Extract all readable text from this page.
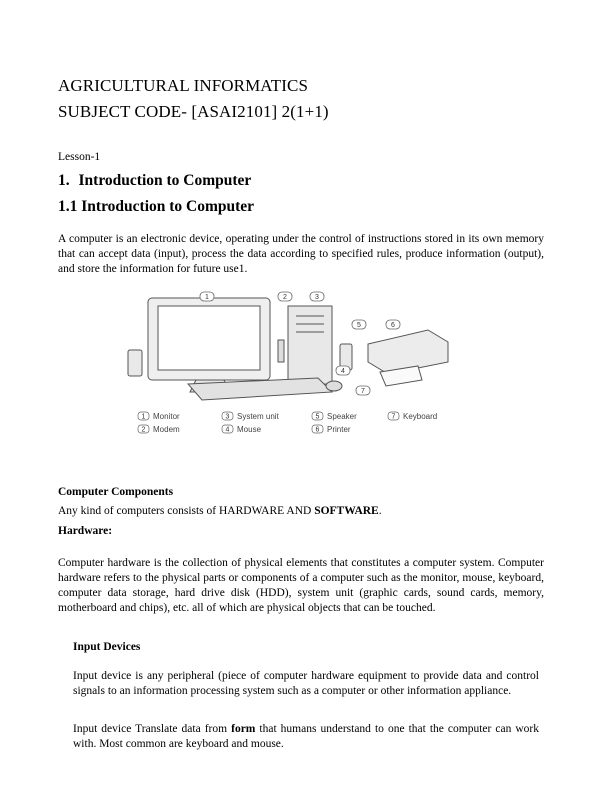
AGRICULTURAL INFORMATICS
SUBJECT CODE- [ASAI2101] 2(1+1)
Lesson-1
1. Introduction to Computer
1.1 Introduction to Computer
A computer is an electronic device, operating under the control of instructions stored in its own memory that can accept data (input), process the data according to specified rules, produce information (output), and store the information for future use1.
1	2	3
5	6
4
7
1 Monitor	3 System unit	5 Speaker	7 Keyboard
2 Modem	4 Mouse	6 Printer
Computer Components
Any kind of computers consists of HARDWARE AND SOFTWARE.
Hardware:
Computer hardware is the collection of physical elements that constitutes a computer system. Computer hardware refers to the physical parts or components of a computer such as the monitor, mouse, keyboard, computer data storage, hard drive disk (HDD), system unit (graphic cards, sound cards, memory, motherboard and chips), etc. all of which are physical objects that can be touched.
Input Devices
Input device is any peripheral (piece of computer hardware equipment to provide data and control signals to an information processing system such as a computer or other information appliance.
Input device Translate data from form that humans understand to one that the computer can work with. Most common are keyboard and mouse.
